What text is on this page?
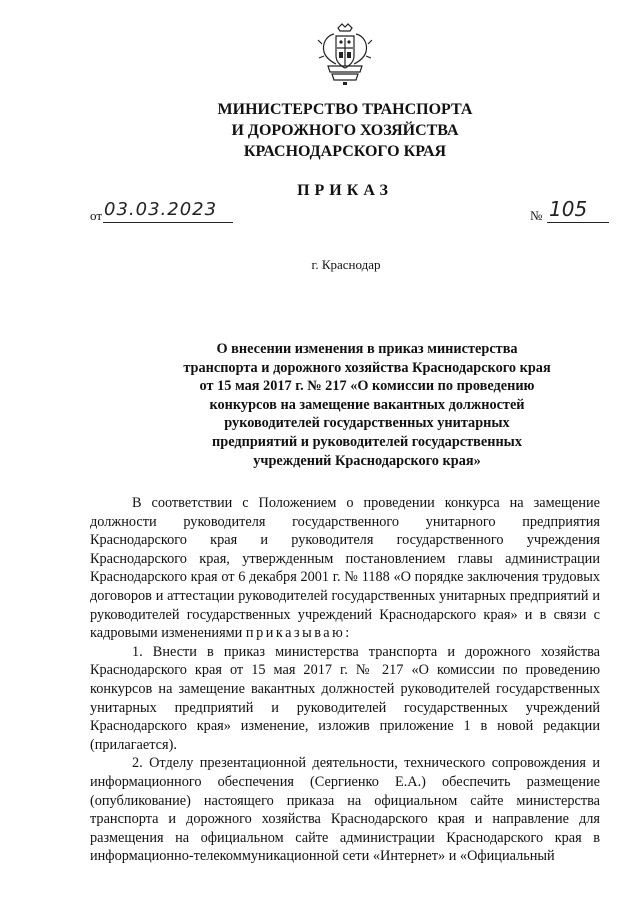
МИНИСТЕРСТВО ТРАНСПОРТА
И ДОРОЖНОГО ХОЗЯЙСТВА
КРАСНОДАРСКОГО КРАЯ
ПРИКАЗ
от 03.03.2023	№ 105
г. Краснодар
О внесении изменения в приказ министерства
транспорта и дорожного хозяйства Краснодарского края
от 15 мая 2017 г. № 217 «О комиссии по проведению
конкурсов на замещение вакантных должностей
руководителей государственных унитарных
предприятий и руководителей государственных
учреждений Краснодарского края»

В соответствии с Положением о проведении конкурса на замещение должности руководителя государственного унитарного предприятия Краснодарского края и руководителя государственного учреждения Краснодарского края, утвержденным постановлением главы администрации Краснодарского края от 6 декабря 2001 г. № 1188 «О порядке заключения трудовых договоров и аттестации руководителей государственных унитарных предприятий и руководителей государственных учреждений Краснодарского края» и в связи с кадровыми изменениями приказываю:

1. Внести в приказ министерства транспорта и дорожного хозяйства Краснодарского края от 15 мая 2017 г. № 217 «О комиссии по проведению конкурсов на замещение вакантных должностей руководителей государственных унитарных предприятий и руководителей государственных учреждений Краснодарского края» изменение, изложив приложение 1 в новой редакции (прилагается).

2. Отделу презентационной деятельности, технического сопровождения и информационного обеспечения (Сергиенко Е.А.) обеспечить размещение (опубликование) настоящего приказа на официальном сайте министерства транспорта и дорожного хозяйства Краснодарского края и направление для размещения на официальном сайте администрации Краснодарского края в информационно-телекоммуникационной сети «Интернет» и «Официальный
